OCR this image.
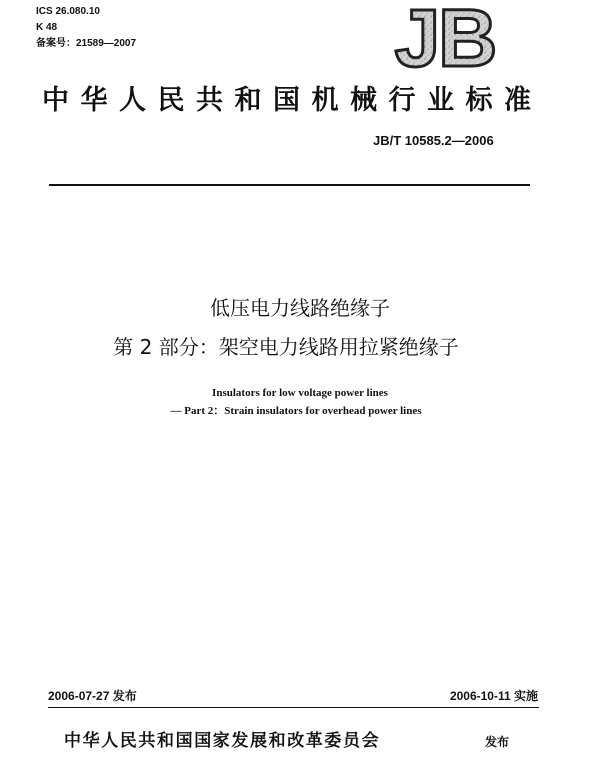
ICS 26.080.10
K 48
备案号：21589—2007	JB
中华人民共和国机械行业标准
JB/T 10585.2—2006
低压电力线路绝缘子
第 2 部分：架空电力线路用拉紧绝缘子
Insulators for low voltage power lines
— Part 2：Strain insulators for overhead power lines
2006-07-27 发布	2006-10-11 实施
中华人民共和国国家发展和改革委员会	发布
